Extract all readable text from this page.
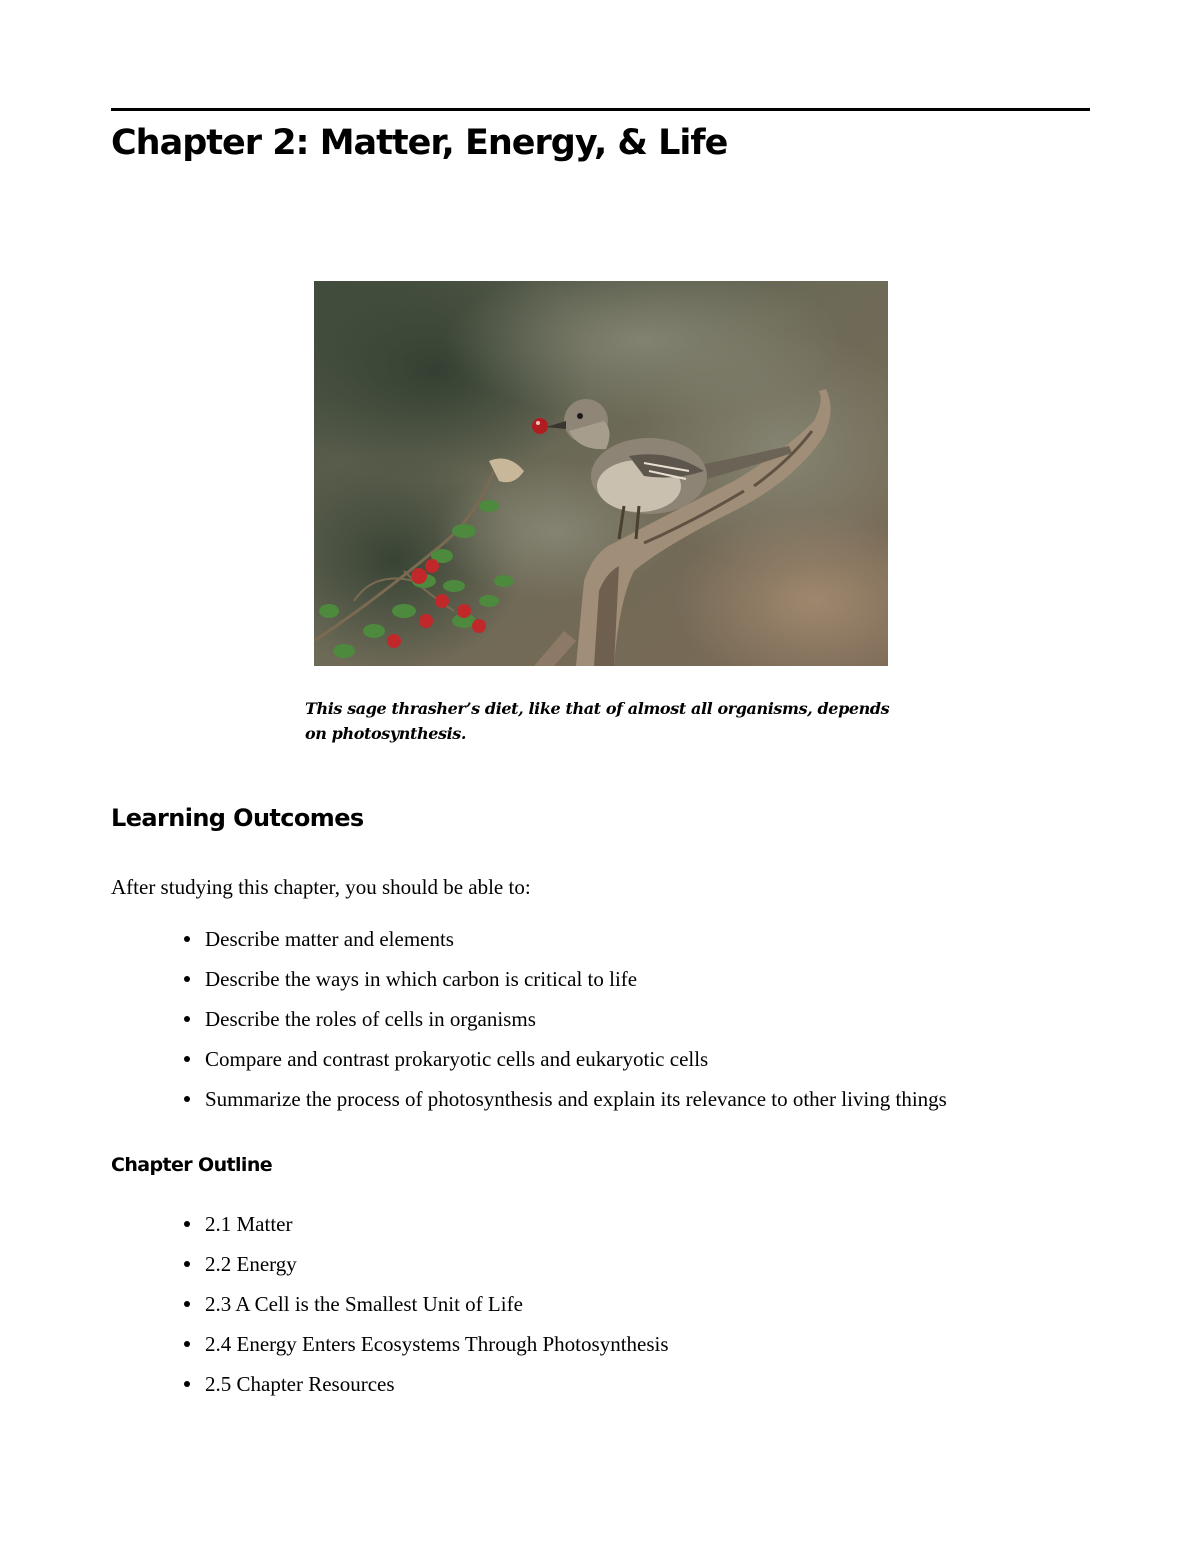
Chapter 2: Matter, Energy, & Life

This sage thrasher’s diet, like that of almost all organisms, depends on photosynthesis.

Learning Outcomes

After studying this chapter, you should be able to:

Describe matter and elements
Describe the ways in which carbon is critical to life
Describe the roles of cells in organisms
Compare and contrast prokaryotic cells and eukaryotic cells
Summarize the process of photosynthesis and explain its relevance to other living things
Chapter Outline
2.1 Matter
2.2 Energy
2.3 A Cell is the Smallest Unit of Life
2.4 Energy Enters Ecosystems Through Photosynthesis
2.5 Chapter Resources
